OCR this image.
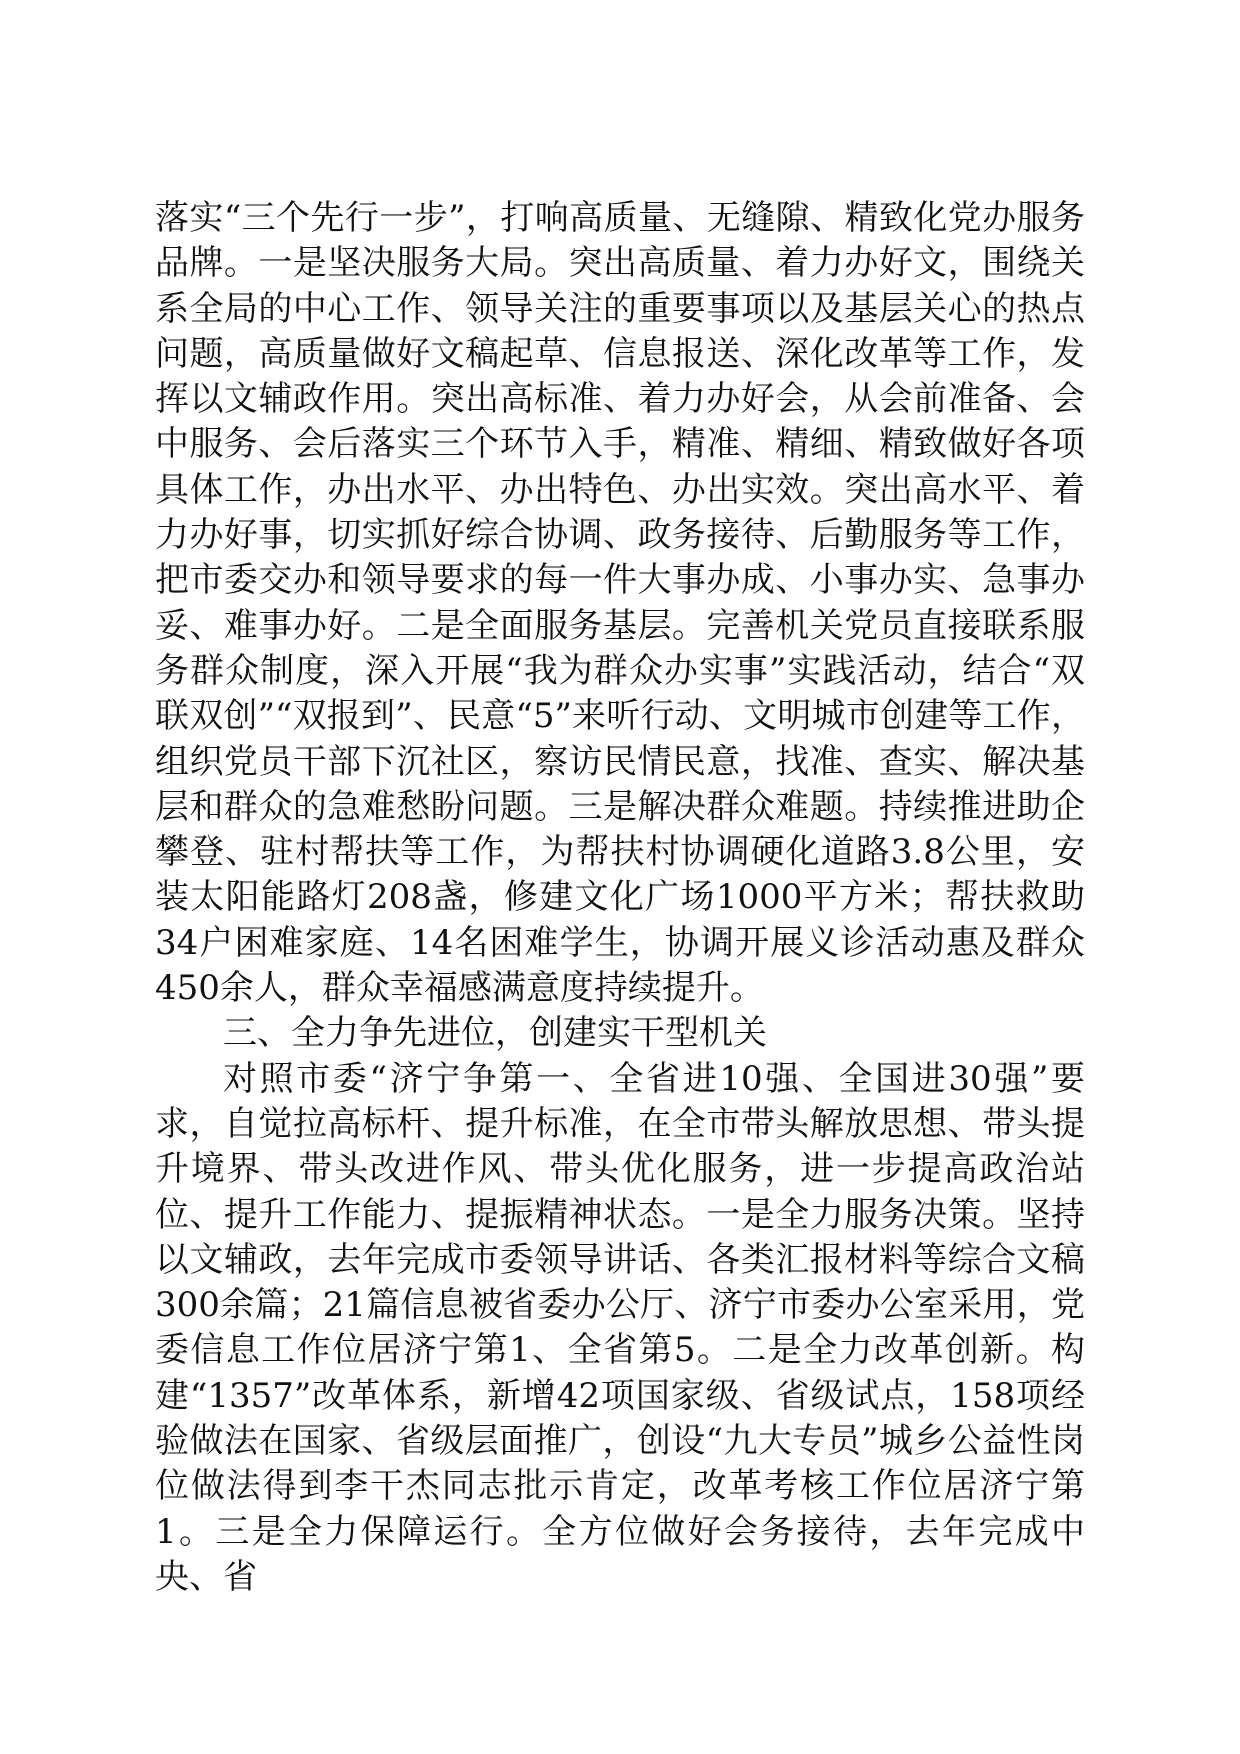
落实“三个先行一步”，打响高质量、无缝隙、精致化党办服务品牌。一是坚决服务大局。突出高质量、着力办好文，围绕关系全局的中心工作、领导关注的重要事项以及基层关心的热点问题，高质量做好文稿起草、信息报送、深化改革等工作，发挥以文辅政作用。突出高标准、着力办好会，从会前准备、会中服务、会后落实三个环节入手，精准、精细、精致做好各项具体工作，办出水平、办出特色、办出实效。突出高水平、着力办好事，切实抓好综合协调、政务接待、后勤服务等工作，把市委交办和领导要求的每一件大事办成、小事办实、急事办妥、难事办好。二是全面服务基层。完善机关党员直接联系服务群众制度，深入开展“我为群众办实事”实践活动，结合“双联双创”“双报到”、民意“5”来听行动、文明城市创建等工作，组织党员干部下沉社区，察访民情民意，找准、查实、解决基层和群众的急难愁盼问题。三是解决群众难题。持续推进助企攀登、驻村帮扶等工作，为帮扶村协调硬化道路3.8公里，安装太阳能路灯208盏，修建文化广场1000平方米；帮扶救助34户困难家庭、14名困难学生，协调开展义诊活动惠及群众450余人，群众幸福感满意度持续提升。

三、全力争先进位，创建实干型机关

对照市委“济宁争第一、全省进10强、全国进30强”要求，自觉拉高标杆、提升标准，在全市带头解放思想、带头提升境界、带头改进作风、带头优化服务，进一步提高政治站位、提升工作能力、提振精神状态。一是全力服务决策。坚持以文辅政，去年完成市委领导讲话、各类汇报材料等综合文稿300余篇；21篇信息被省委办公厅、济宁市委办公室采用，党委信息工作位居济宁第1、全省第5。二是全力改革创新。构建“1357”改革体系，新增42项国家级、省级试点，158项经验做法在国家、省级层面推广，创设“九大专员”城乡公益性岗位做法得到李干杰同志批示肯定，改革考核工作位居济宁第1。三是全力保障运行。全方位做好会务接待，去年完成中央、省
